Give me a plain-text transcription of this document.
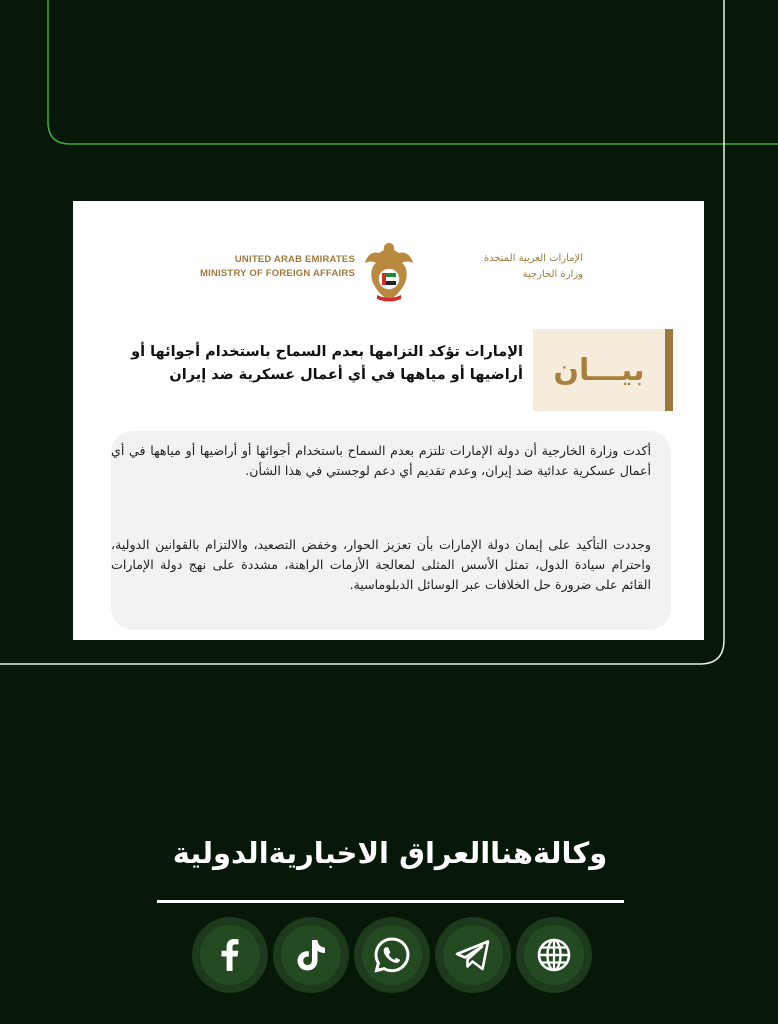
UNITED ARAB EMIRATES
MINISTRY OF FOREIGN AFFAIRS
الإمارات العربية المتحدة
وزارة الخارجية
الإمارات تؤكد التزامها بعدم السماح باستخدام أجوائها أو
أراضيها أو مياهها في أي أعمال عسكرية ضد إيران بيـــان
أكدت وزارة الخارجية أن دولة الإمارات تلتزم بعدم السماح باستخدام أجوائها أو أراضيها أو مياهها في أي أعمال عسكرية عدائية ضد إيران، وعدم تقديم أي دعم لوجستي في هذا الشأن.
وجددت التأكيد على إيمان دولة الإمارات بأن تعزيز الحوار، وخفض التصعيد، والالتزام بالقوانين الدولية، واحترام سيادة الدول، تمثل الأسس المثلى لمعالجة الأزمات الراهنة، مشددة على نهج دولة الإمارات القائم على ضرورة حل الخلافات عبر الوسائل الدبلوماسية.
وكالةهناالعراق الاخباريةالدولية
